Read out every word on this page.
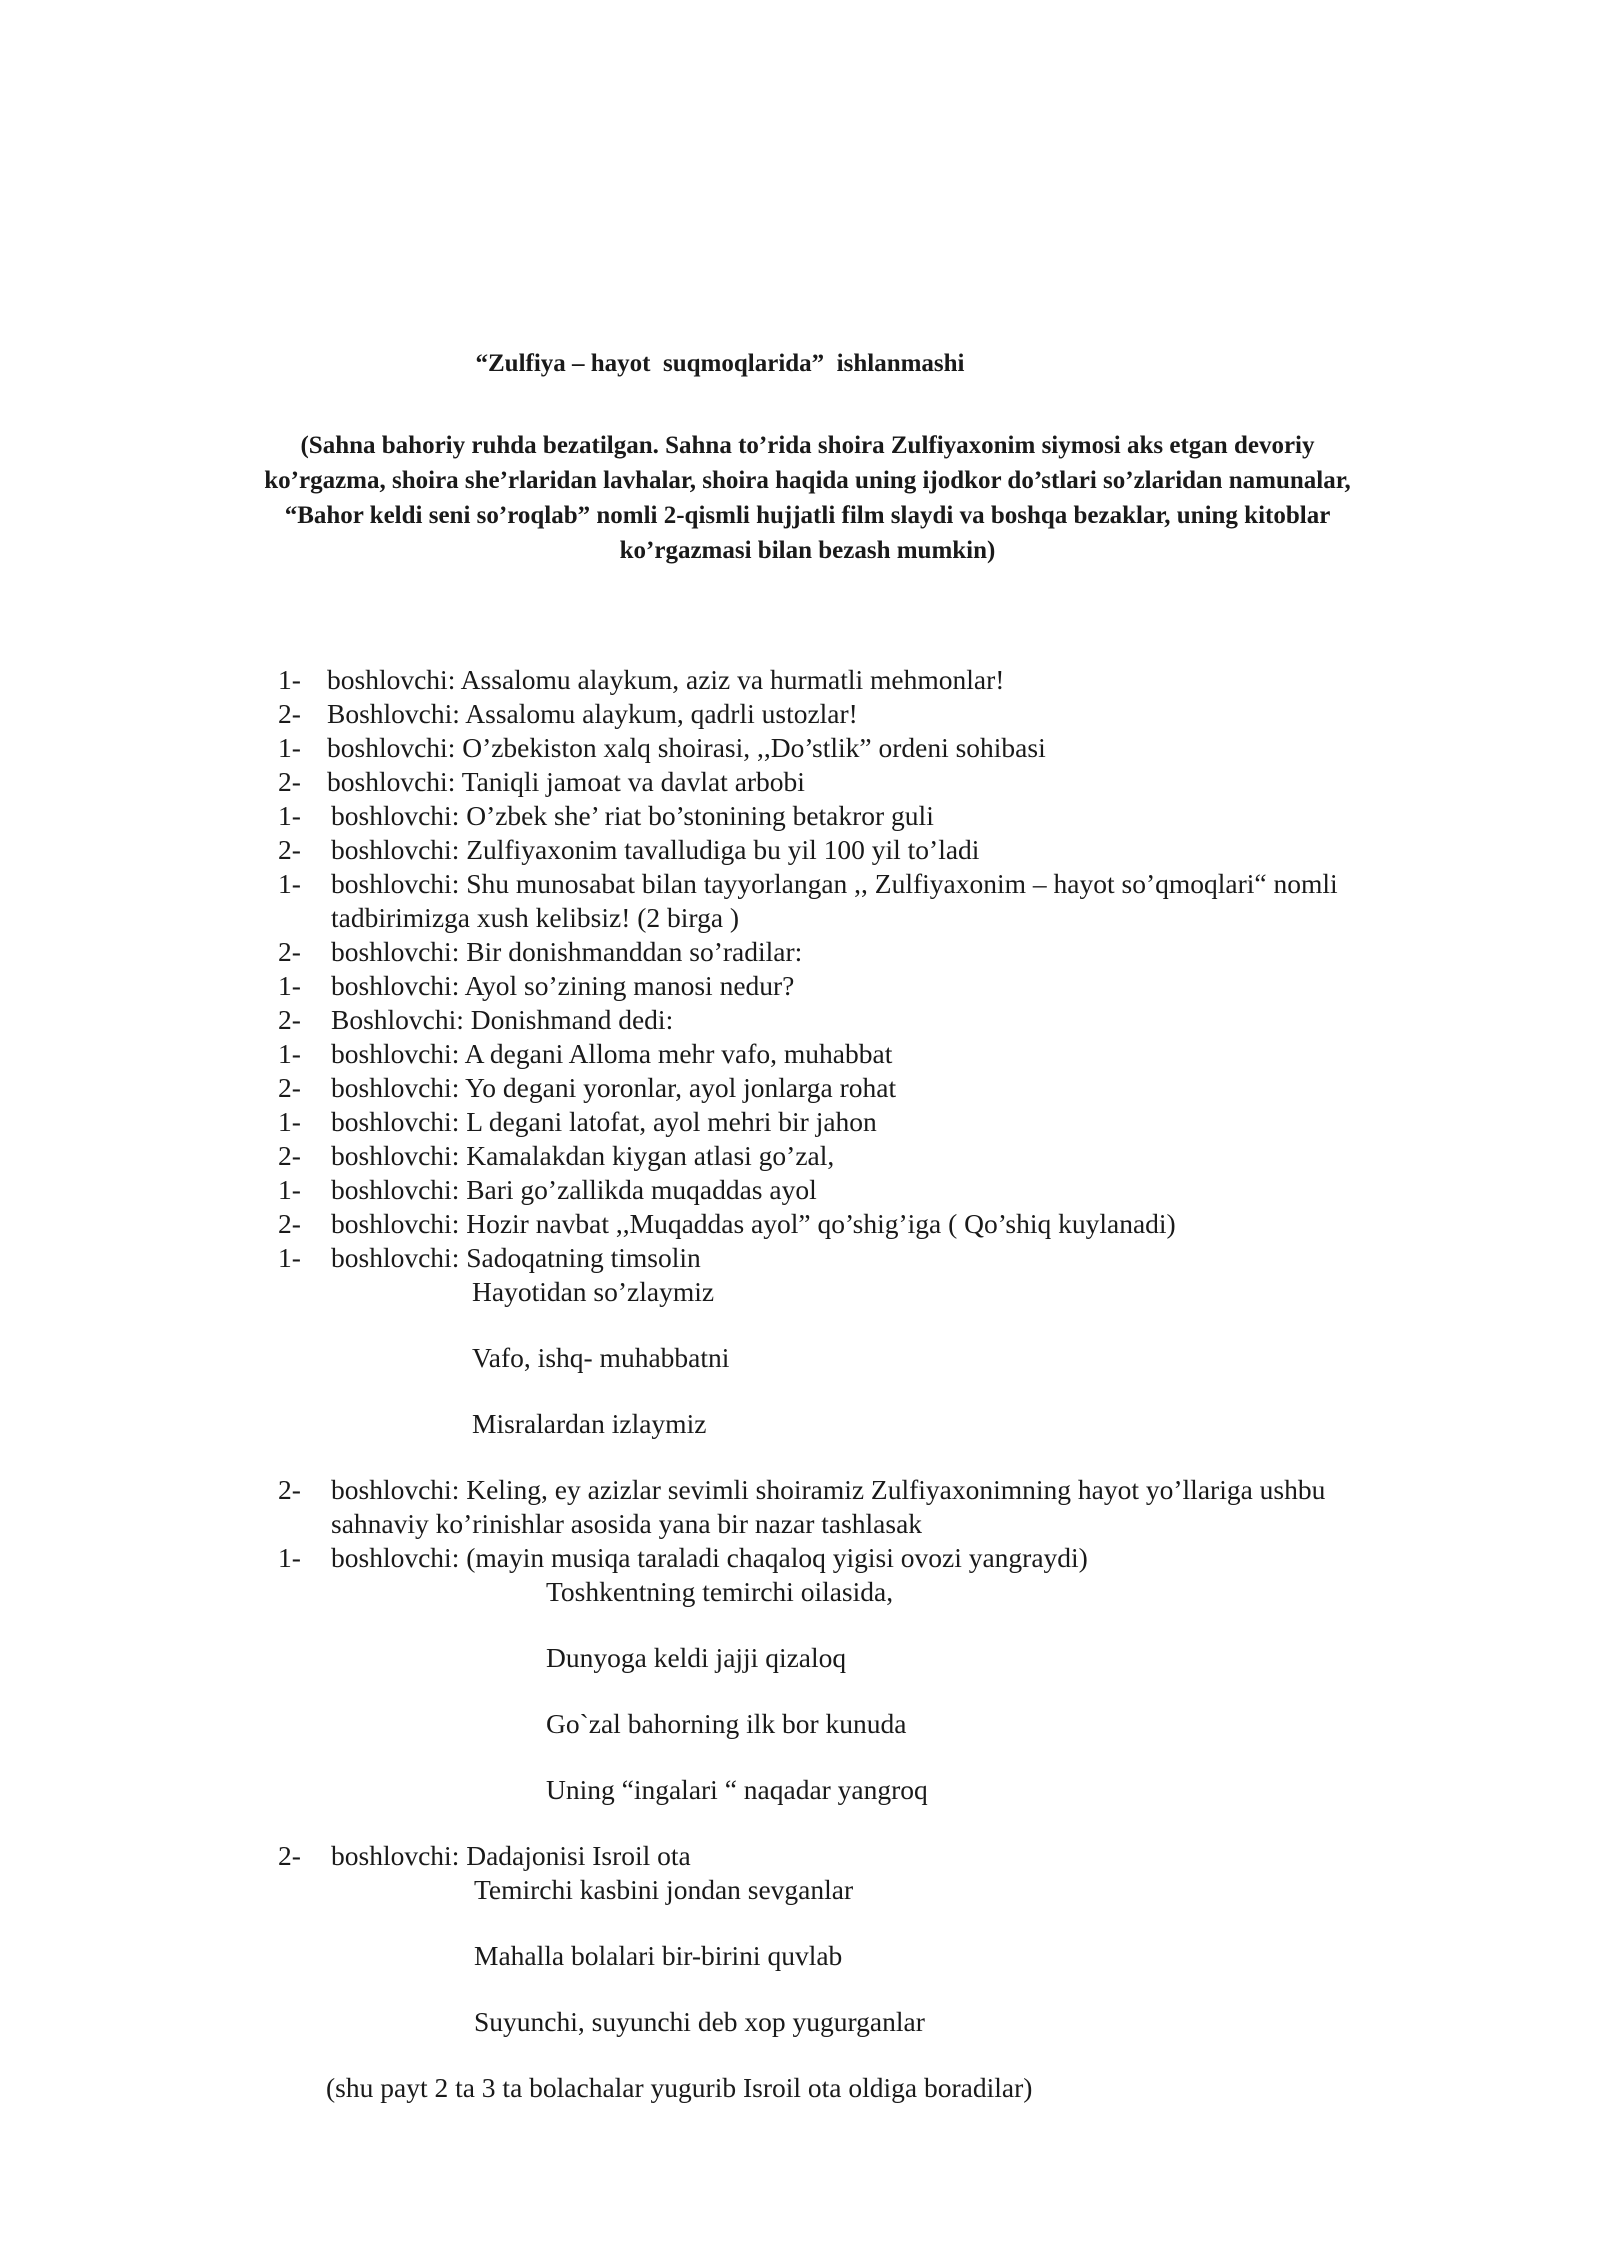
“Zulfiya – hayot  suqmoqlarida”  ishlanmashi

(Sahna bahoriy ruhda bezatilgan. Sahna to’rida shoira Zulfiyaxonim siymosi aks etgan devoriy

ko’rgazma, shoira she’rlaridan lavhalar, shoira haqida uning ijodkor do’stlari so’zlaridan namunalar,

“Bahor keldi seni so’roqlab” nomli 2-qismli hujjatli film slaydi va boshqa bezaklar, uning kitoblar

ko’rgazmasi bilan bezash mumkin)

1- boshlovchi: Assalomu alaykum, aziz va hurmatli mehmonlar!
2- Boshlovchi: Assalomu alaykum, qadrli ustozlar!
1- boshlovchi: O’zbekiston xalq shoirasi, ,,Do’stlik” ordeni sohibasi
2- boshlovchi: Taniqli jamoat va davlat arbobi
1- boshlovchi: O’zbek she’ riat bo’stonining betakror guli
2- boshlovchi: Zulfiyaxonim tavalludiga bu yil 100 yil to’ladi
1- boshlovchi: Shu munosabat bilan tayyorlangan ,, Zulfiyaxonim – hayot so’qmoqlari“ nomli
tadbirimizga xush kelibsiz! (2 birga )
2- boshlovchi: Bir donishmanddan so’radilar:
1- boshlovchi: Ayol so’zining manosi nedur?
2- Boshlovchi: Donishmand dedi:
1- boshlovchi: A degani Alloma mehr vafo, muhabbat
2- boshlovchi: Yo degani yoronlar, ayol jonlarga rohat
1- boshlovchi: L degani latofat, ayol mehri bir jahon
2- boshlovchi: Kamalakdan kiygan atlasi go’zal,
1- boshlovchi: Bari go’zallikda muqaddas ayol
2- boshlovchi: Hozir navbat ,,Muqaddas ayol” qo’shig’iga ( Qo’shiq kuylanadi)
1- boshlovchi: Sadoqatning timsolin
Hayotidan so’zlaymiz
Vafo, ishq- muhabbatni
Misralardan izlaymiz
2- boshlovchi: Keling, ey azizlar sevimli shoiramiz Zulfiyaxonimning hayot yo’llariga ushbu
sahnaviy ko’rinishlar asosida yana bir nazar tashlasak
1- boshlovchi: (mayin musiqa taraladi chaqaloq yigisi ovozi yangraydi)
Toshkentning temirchi oilasida,
Dunyoga keldi jajji qizaloq
Go`zal bahorning ilk bor kunuda
Uning “ingalari “ naqadar yangroq
2- boshlovchi: Dadajonisi Isroil ota
Temirchi kasbini jondan sevganlar
Mahalla bolalari bir-birini quvlab
Suyunchi, suyunchi deb xop yugurganlar
(shu payt 2 ta 3 ta bolachalar yugurib Isroil ota oldiga boradilar)
